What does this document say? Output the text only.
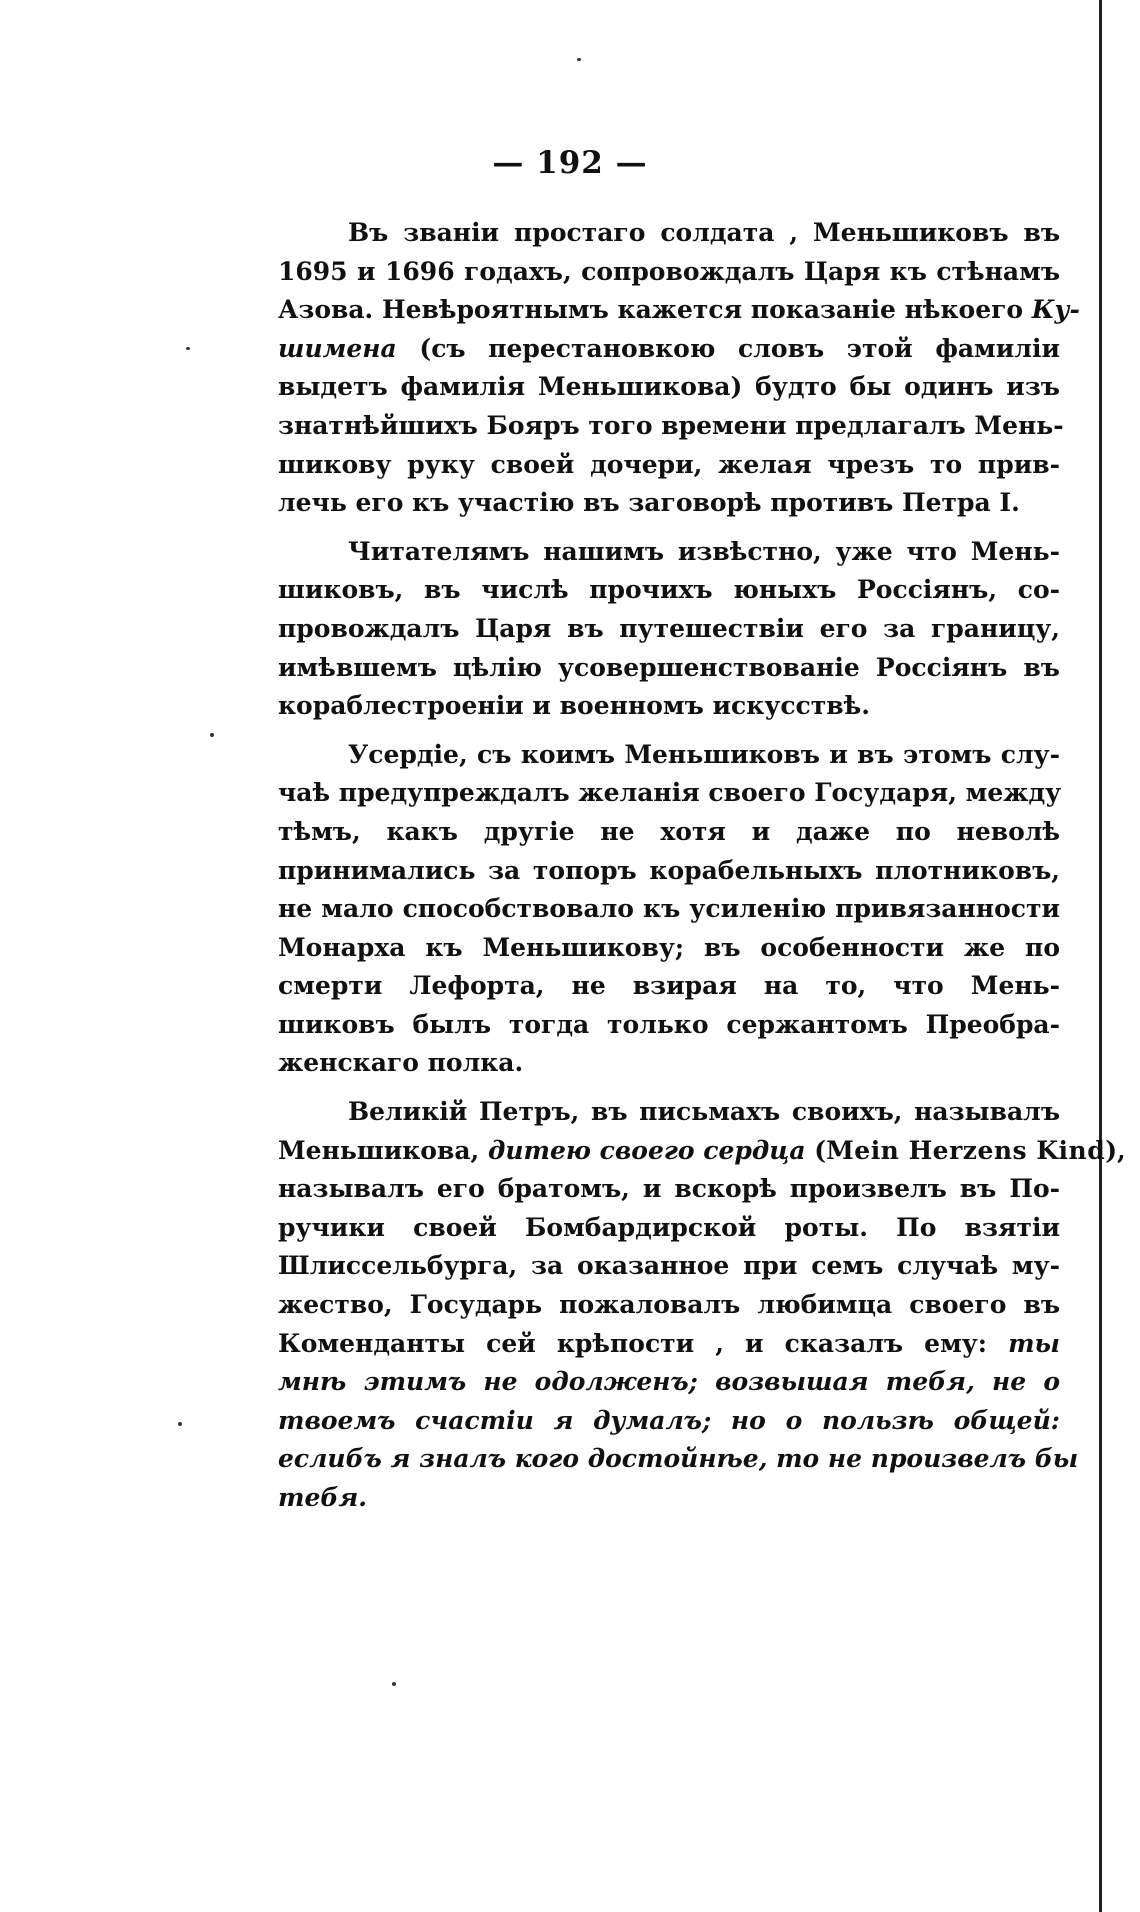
— 192 —
Въ званіи простаго солдата , Меньшиковъ въ
1695 и 1696 годахъ, сопровождалъ Царя къ стѣнамъ
Азова. Невѣроятнымъ кажется показаніе нѣкоего Ку-
шимена (съ перестановкою словъ этой фамиліи
выдетъ фамилія Меньшикова) будто бы одинъ изъ
знатнѣйшихъ Бояръ того времени предлагалъ Мень-
шикову руку своей дочери, желая чрезъ то прив-
лечь его къ участію въ заговорѣ противъ Петра I.
Читателямъ нашимъ извѣстно, уже что Мень-
шиковъ, въ числѣ прочихъ юныхъ Россіянъ, со-
провождалъ Царя въ путешествіи его за границу,
имѣвшемъ цѣлію усовершенствованіе Россіянъ въ
кораблестроеніи и военномъ искусствѣ.
Усердіе, съ коимъ Меньшиковъ и въ этомъ слу-
чаѣ предупреждалъ желанія своего Государя, между
тѣмъ, какъ другіе не хотя и даже по неволѣ
принимались за топоръ корабельныхъ плотниковъ,
не мало способствовало къ усиленію привязанности
Монарха къ Меньшикову; въ особенности же по
смерти Лефорта, не взирая на то, что Мень-
шиковъ былъ тогда только сержантомъ Преобра-
женскаго полка.
Великій Петръ, въ письмахъ своихъ, называлъ
Меньшикова, дитею своего сердца (Mein Herzens Kind),
называлъ его братомъ, и вскорѣ произвелъ въ По-
ручики своей Бомбардирской роты. По взятіи
Шлиссельбурга, за оказанное при семъ случаѣ му-
жество, Государь пожаловалъ любимца своего въ
Коменданты сей крѣпости , и сказалъ ему: ты
мнѣ этимъ не одолженъ; возвышая тебя, не о
твоемъ счастіи я думалъ; но о пользѣ общей:
еслибъ я зналъ кого достойнѣе, то не произвелъ бы
тебя.
